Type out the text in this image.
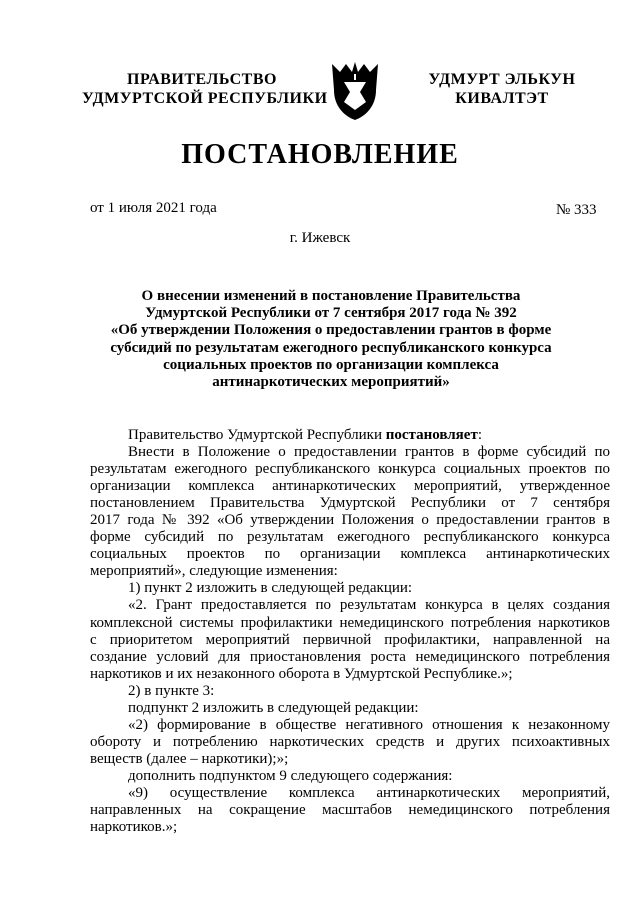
ПРАВИТЕЛЬСТВО
УДМУРТСКОЙ РЕСПУБЛИКИ
УДМУРТ ЭЛЬКУН
КИВАЛТЭТ
ПОСТАНОВЛЕНИЕ
от 1 июля 2021 года	№ 333
г. Ижевск
О внесении изменений в постановление Правительства
Удмуртской Республики от 7 сентября 2017 года № 392
«Об утверждении Положения о предоставлении грантов в форме
субсидий по результатам ежегодного республиканского конкурса
социальных проектов по организации комплекса
антинаркотических мероприятий»

Правительство Удмуртской Республики постановляет:

Внести в Положение о предоставлении грантов в форме субсидий по

результатам ежегодного республиканского конкурса социальных проектов по

организации комплекса антинаркотических мероприятий, утвержденное

постановлением Правительства Удмуртской Республики от 7 сентября

2017 года № 392 «Об утверждении Положения о предоставлении грантов в

форме субсидий по результатам ежегодного республиканского конкурса

социальных проектов по организации комплекса антинаркотических

мероприятий», следующие изменения:

1) пункт 2 изложить в следующей редакции:

«2. Грант предоставляется по результатам конкурса в целях создания

комплексной системы профилактики немедицинского потребления наркотиков

с приоритетом мероприятий первичной профилактики, направленной на

создание условий для приостановления роста немедицинского потребления

наркотиков и их незаконного оборота в Удмуртской Республике.»;

2) в пункте 3:

подпункт 2 изложить в следующей редакции:

«2) формирование в обществе негативного отношения к незаконному

обороту и потреблению наркотических средств и других психоактивных

веществ (далее – наркотики);»;

дополнить подпунктом 9 следующего содержания:

«9) осуществление комплекса антинаркотических мероприятий,

направленных на сокращение масштабов немедицинского потребления

наркотиков.»;
